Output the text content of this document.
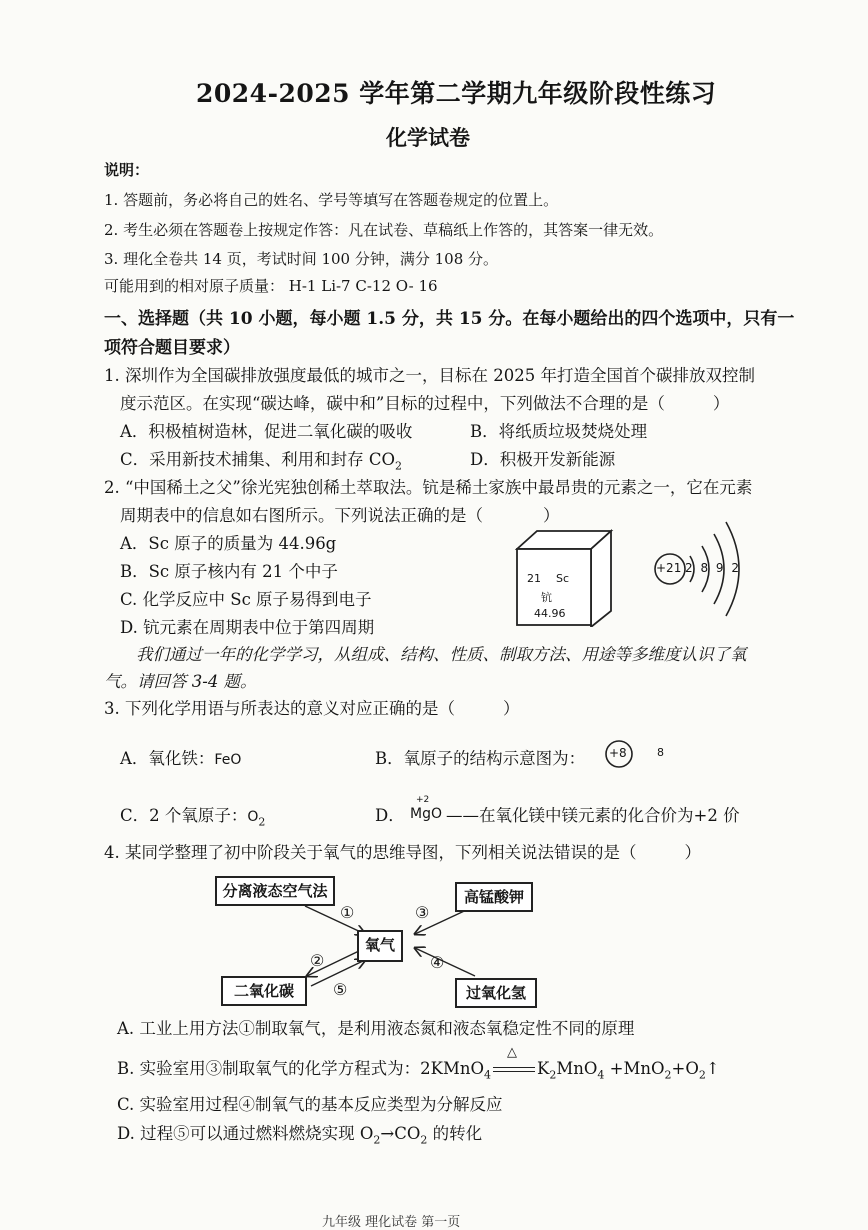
2024-2025 学年第二学期九年级阶段性练习
化学试卷
说明：
1. 答题前，务必将自己的姓名、学号等填写在答题卷规定的位置上。
2. 考生必须在答题卷上按规定作答：凡在试卷、草稿纸上作答的，其答案一律无效。
3. 理化全卷共 14 页，考试时间 100 分钟，满分 108 分。
可能用到的相对原子质量： H-1 Li-7 C-12 O- 16
一、选择题（共 10 小题，每小题 1.5 分，共 15 分。在每小题给出的四个选项中，只有一
项符合题目要求）
1. 深圳作为全国碳排放强度最低的城市之一，目标在 2025 年打造全国首个碳排放双控制
度示范区。在实现“碳达峰，碳中和”目标的过程中，下列做法不合理的是（	）
A．积极植树造林，促进二氧化碳的吸收	B．将纸质垃圾焚烧处理
C．采用新技术捕集、利用和封存 $CO_2$	D．积极开发新能源
2. “中国稀土之父”徐光宪独创稀土萃取法。钪是稀土家族中最昂贵的元素之一，它在元素
周期表中的信息如右图所示。下列说法正确的是（	）
A．Sc 原子的质量为 44.96g
B．Sc 原子核内有 21 个中子
C. 化学反应中 Sc 原子易得到电子
D. 钪元素在周期表中位于第四周期
21 Sc
钪
44.96
+21 2 8 9 2
我们通过一年的化学学习，从组成、结构、性质、制取方法、用途等多维度认识了氧
气。请回答 3-4 题。
3. 下列化学用语与所表达的意义对应正确的是（	）
A．氧化铁：FeO	B．氧原子的结构示意图为： +8	8
C．2 个氧原子：$O_2$	D．
+2
MgO ——在氧化镁中镁元素的化合价为+2 价
4. 某同学整理了初中阶段关于氧气的思维导图，下列相关说法错误的是（	）
分离液态空气法	高锰酸钾
氧气
二氧化碳	过氧化氢
①	③
②	④
⑤
A. 工业上用方法①制取氧气，是利用液态氮和液态氧稳定性不同的原理
B. 实验室用③制取氧气的化学方程式为：2KMnO$_4$
△
$K_2MnO_4$ $+MnO_2+O_2↑$
C. 实验室用过程④制氧气的基本反应类型为分解反应
D. 过程⑤可以通过燃料燃烧实现 $O_2\to CO_2$ 的转化
九年级 理化试卷 第一页
